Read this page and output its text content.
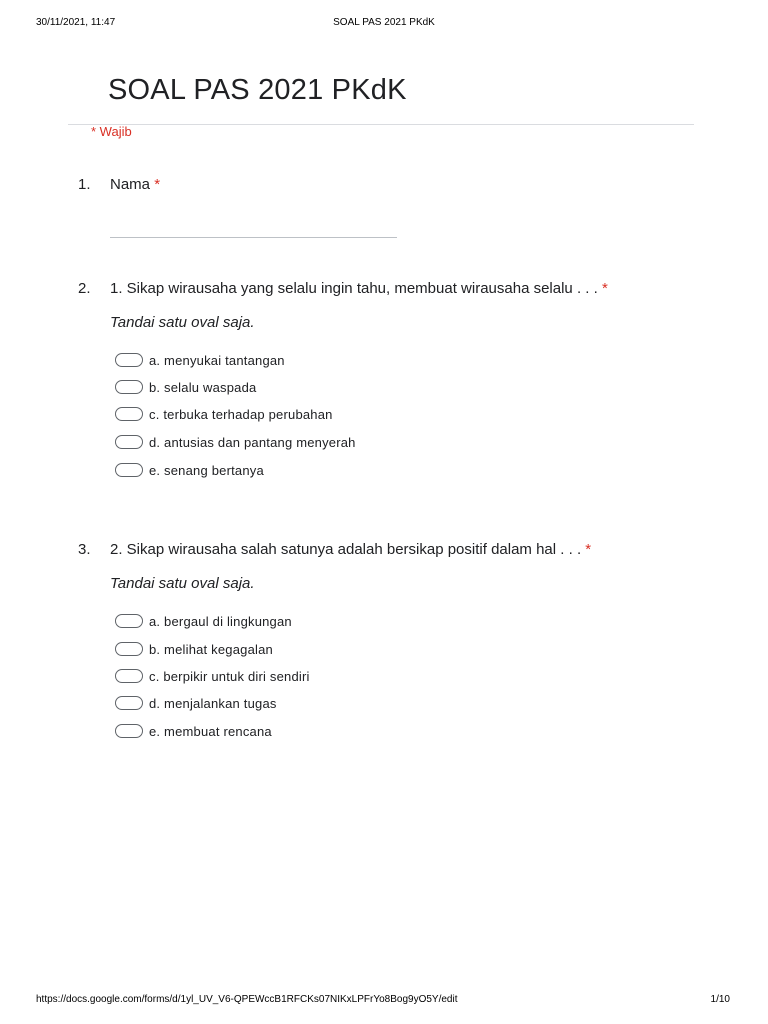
30/11/2021, 11:47	SOAL PAS 2021 PKdK
SOAL PAS 2021 PKdK
* Wajib
1. Nama *
2. 1. Sikap wirausaha yang selalu ingin tahu, membuat wirausaha selalu . . . *
Tandai satu oval saja.
a. menyukai tantangan
b. selalu waspada
c. terbuka terhadap perubahan
d. antusias dan pantang menyerah
e. senang bertanya
3. 2. Sikap wirausaha salah satunya adalah bersikap positif dalam hal . . . *
Tandai satu oval saja.
a. bergaul di lingkungan
b. melihat kegagalan
c. berpikir untuk diri sendiri
d. menjalankan tugas
e. membuat rencana
https://docs.google.com/forms/d/1yl_UV_V6-QPEWccB1RFCKs07NIKxLPFrYo8Bog9yO5Y/edit	1/10
